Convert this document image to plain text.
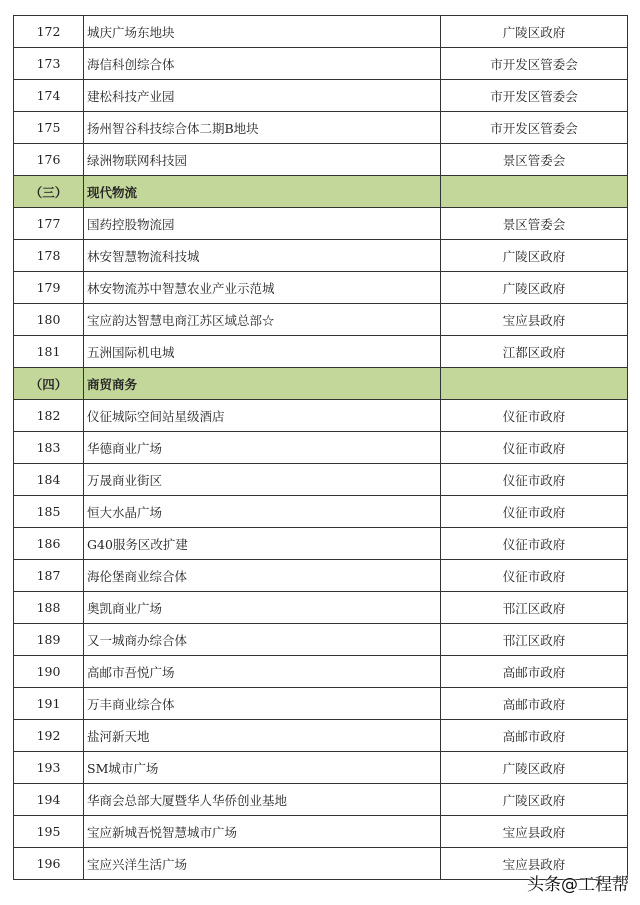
172	城庆广场东地块	广陵区政府
173	海信科创综合体	市开发区管委会
174	建松科技产业园	市开发区管委会
175	扬州智谷科技综合体二期B地块	市开发区管委会
176	绿洲物联网科技园	景区管委会
（三）	现代物流	
177	国药控股物流园	景区管委会
178	林安智慧物流科技城	广陵区政府
179	林安物流苏中智慧农业产业示范城	广陵区政府
180	宝应韵达智慧电商江苏区域总部☆	宝应县政府
181	五洲国际机电城	江都区政府
（四）	商贸商务	
182	仪征城际空间站星级酒店	仪征市政府
183	华德商业广场	仪征市政府
184	万晟商业街区	仪征市政府
185	恒大水晶广场	仪征市政府
186	G40服务区改扩建	仪征市政府
187	海伦堡商业综合体	仪征市政府
188	奥凯商业广场	邗江区政府
189	又一城商办综合体	邗江区政府
190	高邮市吾悦广场	高邮市政府
191	万丰商业综合体	高邮市政府
192	盐河新天地	高邮市政府
193	SM城市广场	广陵区政府
194	华商会总部大厦暨华人华侨创业基地	广陵区政府
195	宝应新城吾悦智慧城市广场	宝应县政府
196	宝应兴洋生活广场	宝应县政府
头条@工程帮
